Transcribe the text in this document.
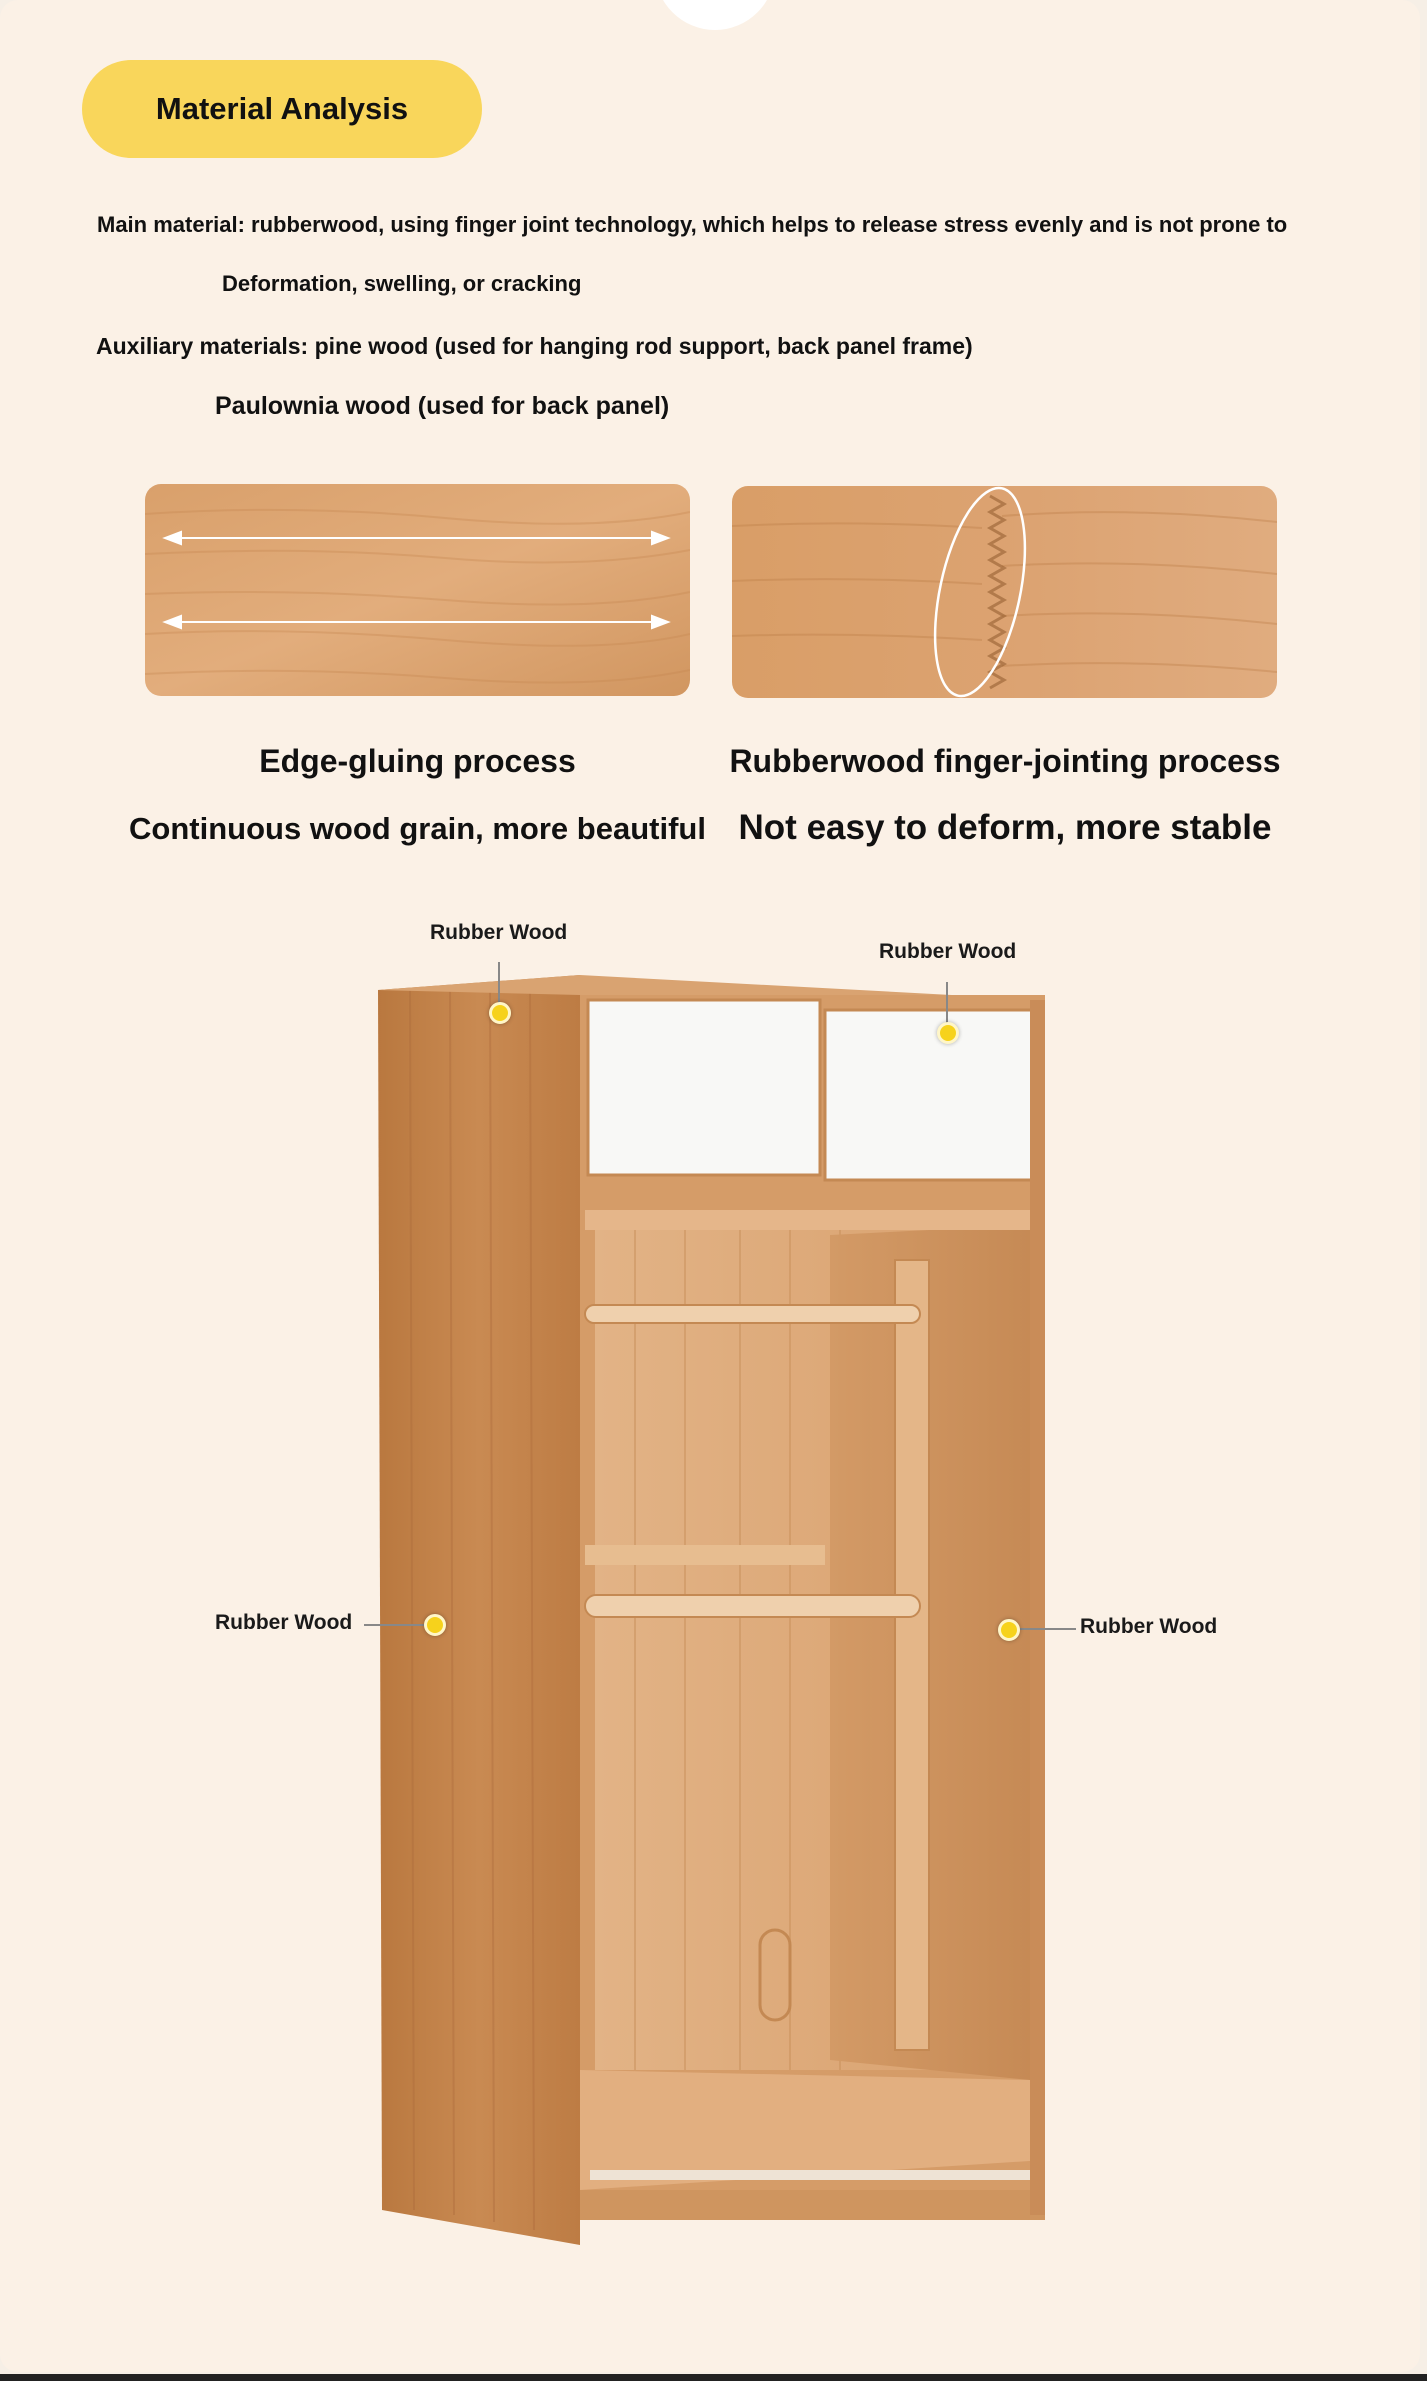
Material Analysis
Main material: rubberwood, using finger joint technology, which helps to release stress evenly and is not prone to
Deformation, swelling, or cracking
Auxiliary materials: pine wood (used for hanging rod support, back panel frame)
Paulownia wood (used for back panel)
Edge-gluing process
Continuous wood grain, more beautiful
Rubberwood finger-jointing process
Not easy to deform, more stable
Rubber Wood
Rubber Wood
Rubber Wood	Rubber Wood
